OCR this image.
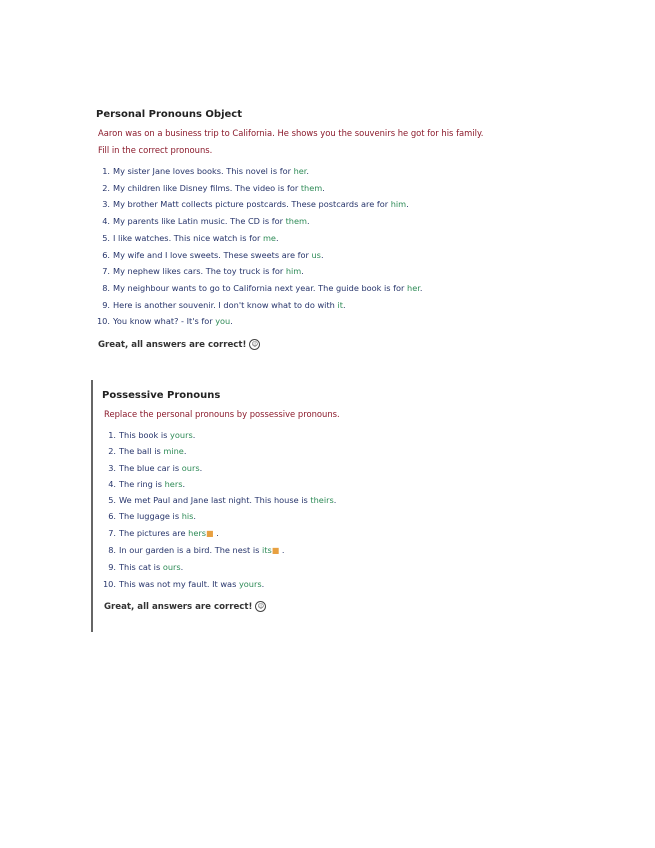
Personal Pronouns Object
Aaron was on a business trip to California. He shows you the souvenirs he got for his family.
Fill in the correct pronouns.
1. My sister Jane loves books. This novel is for her.
2. My children like Disney films. The video is for them.
3. My brother Matt collects picture postcards. These postcards are for him.
4. My parents like Latin music. The CD is for them.
5. I like watches. This nice watch is for me.
6. My wife and I love sweets. These sweets are for us.
7. My nephew likes cars. The toy truck is for him.
8. My neighbour wants to go to California next year. The guide book is for her.
9. Here is another souvenir. I don't know what to do with it.
10. You know what? - It's for you.
Great, all answers are correct! ☺
Possessive Pronouns
Replace the personal pronouns by possessive pronouns.
1. This book is yours.
2. The ball is mine.
3. The blue car is ours.
4. The ring is hers.
5. We met Paul and Jane last night. This house is theirs.
6. The luggage is his.
7. The pictures are hers■ .
8. In our garden is a bird. The nest is its■ .
9. This cat is ours.
10. This was not my fault. It was yours.
Great, all answers are correct! ☺
